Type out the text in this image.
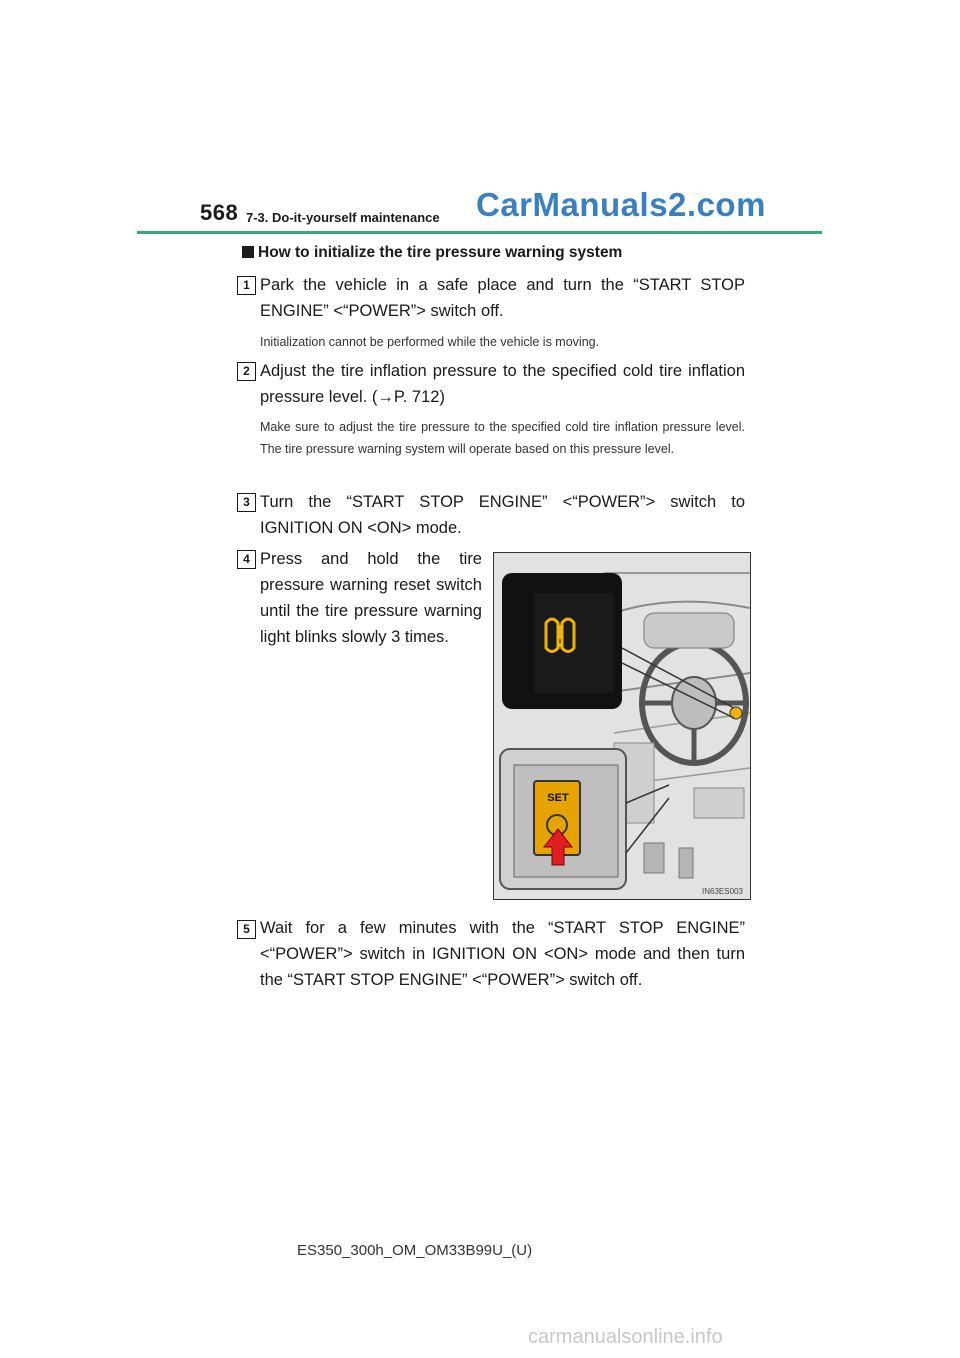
568 7-3. Do-it-yourself maintenance CarManuals2.com
How to initialize the tire pressure warning system
1 Park the vehicle in a safe place and turn the “START STOP ENGINE” <“POWER”> switch off.
Initialization cannot be performed while the vehicle is moving.
2 Adjust the tire inflation pressure to the specified cold tire inflation pressure level. (→P. 712)
Make sure to adjust the tire pressure to the specified cold tire inflation pressure level. The tire pressure warning system will operate based on this pressure level.
3 Turn the “START STOP ENGINE” <“POWER”> switch to IGNITION ON <ON> mode.
4 Press and hold the tire pressure warning reset switch until the tire pressure warning light blinks slowly 3 times.
SET
IN63ES003
5 Wait for a few minutes with the “START STOP ENGINE” <“POWER”> switch in IGNITION ON <ON> mode and then turn the “START STOP ENGINE” <“POWER”> switch off.
ES350_300h_OM_OM33B99U_(U)
carmanualsonline.info
